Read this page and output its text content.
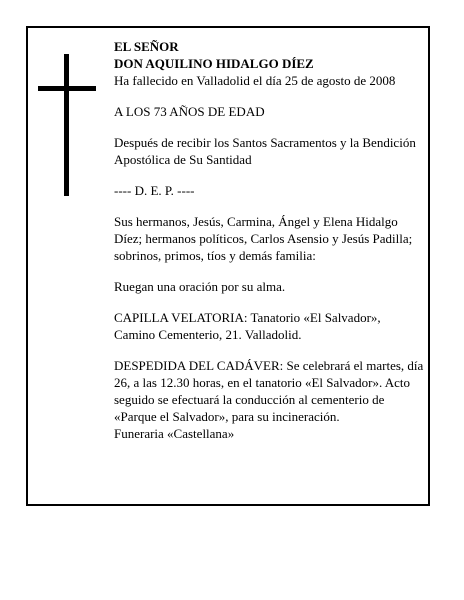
EL SEÑOR

DON AQUILINO HIDALGO DÍEZ

Ha fallecido en Valladolid el día 25 de agosto de 2008

A LOS 73 AÑOS DE EDAD

Después de recibir los Santos Sacramentos y la Bendición Apostólica de Su Santidad

---- D. E. P. ----

Sus hermanos, Jesús, Carmina, Ángel y Elena Hidalgo Díez; hermanos políticos, Carlos Asensio y Jesús Padilla; sobrinos, primos, tíos y demás familia:

Ruegan una oración por su alma.

CAPILLA VELATORIA: Tanatorio «El Salvador», Camino Cementerio, 21. Valladolid.

DESPEDIDA DEL CADÁVER: Se celebrará el martes, día 26, a las 12.30 horas, en el tanatorio «El Salvador». Acto seguido se efectuará la conducción al cementerio de «Parque el Salvador», para su incineración.

Funeraria «Castellana»
